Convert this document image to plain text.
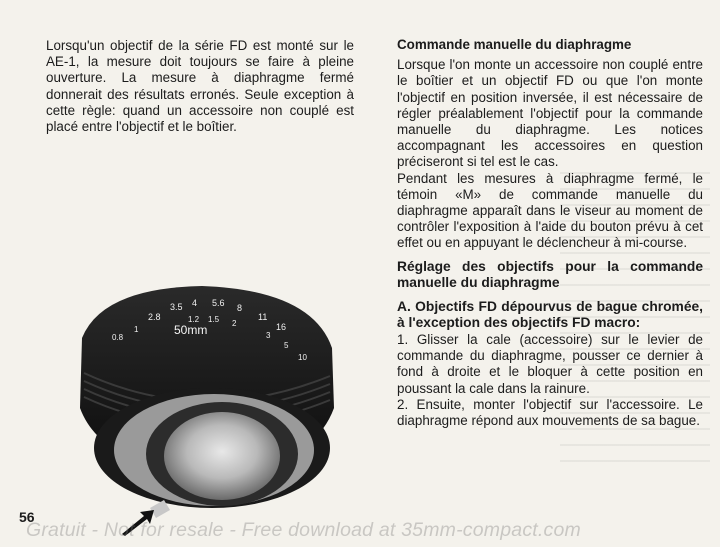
Lorsqu'un objectif de la série FD est monté sur le AE-1, la mesure doit toujours se faire à pleine ouverture. La mesure à diaphragme fermé donnerait des résultats erronés. Seule exception à cette règle: quand un accessoire non couplé est placé entre l'objectif et le boîtier.

Commande manuelle du diaphragme

Lorsque l'on monte un accessoire non couplé entre le boîtier et un objectif FD ou que l'on monte l'objectif en position inversée, il est nécessaire de régler préalablement l'objectif pour la commande manuelle du diaphragme. Les notices accompagnant les accessoires en question préciseront si tel est le cas.

Pendant les mesures à diaphragme fermé, le témoin «M» de commande manuelle du diaphragme apparaît dans le viseur au moment de contrôler l'exposition à l'aide du bouton prévu à cet effet ou en appuyant le déclencheur à mi-course.

Réglage des objectifs pour la commande manuelle du diaphragme
A. Objectifs FD dépourvus de bague chromée, à l'exception des objectifs FD macro:

1. Glisser la cale (accessoire) sur le levier de commande du diaphragme, pousser ce dernier à fond à droite et le bloquer à cette position en poussant la cale dans la rainure.

2. Ensuite, monter l'objectif sur l'accessoire. Le diaphragme répond aux mouvements de sa bague.

2.8
3.5 4 5.6 8
11
16
0.8
1
1.2 1.5 2
3
5
10
50mm
56
Gratuit - Not for resale - Free download at 35mm-compact.com
